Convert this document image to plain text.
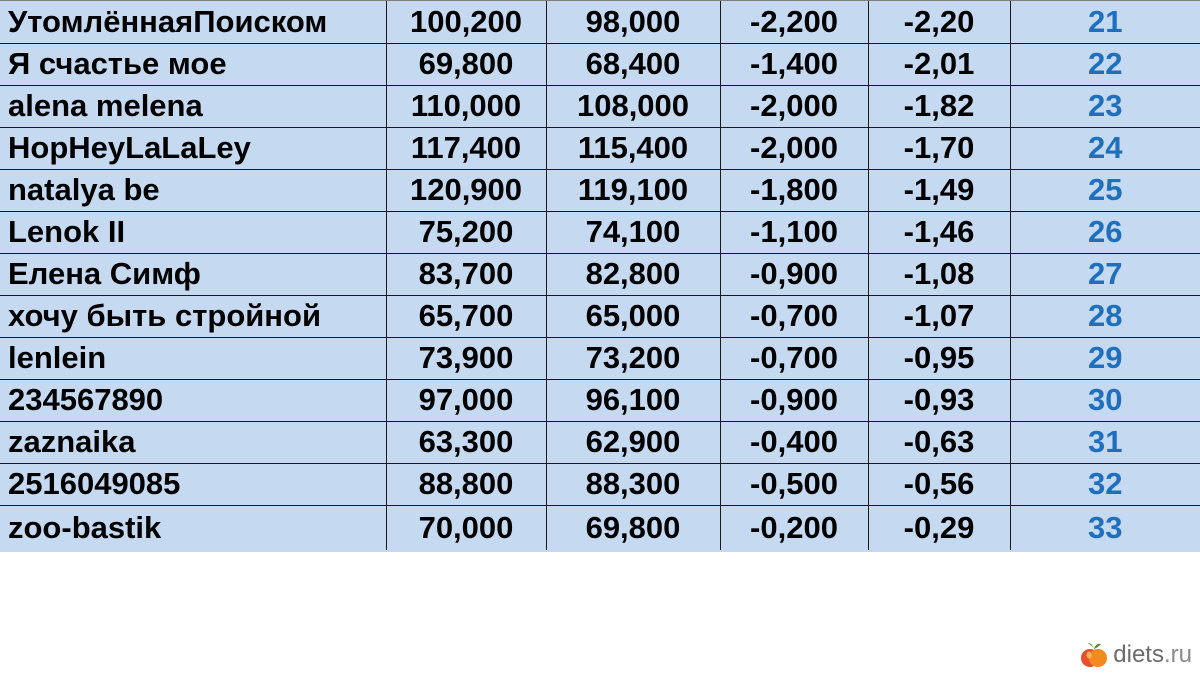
УтомлённаяПоиском	100,200	98,000	-2,200	-2,20	21
Я счастье мое	69,800	68,400	-1,400	-2,01	22
alena melena	110,000	108,000	-2,000	-1,82	23
HopHeyLaLaLey	117,400	115,400	-2,000	-1,70	24
natalya be	120,900	119,100	-1,800	-1,49	25
Lenok II	75,200	74,100	-1,100	-1,46	26
Елена Симф	83,700	82,800	-0,900	-1,08	27
хочу быть стройной	65,700	65,000	-0,700	-1,07	28
lenlein	73,900	73,200	-0,700	-0,95	29
234567890	97,000	96,100	-0,900	-0,93	30
zaznaika	63,300	62,900	-0,400	-0,63	31
2516049085	88,800	88,300	-0,500	-0,56	32
zoo-bastik	70,000	69,800	-0,200	-0,29	33
diets.ru
